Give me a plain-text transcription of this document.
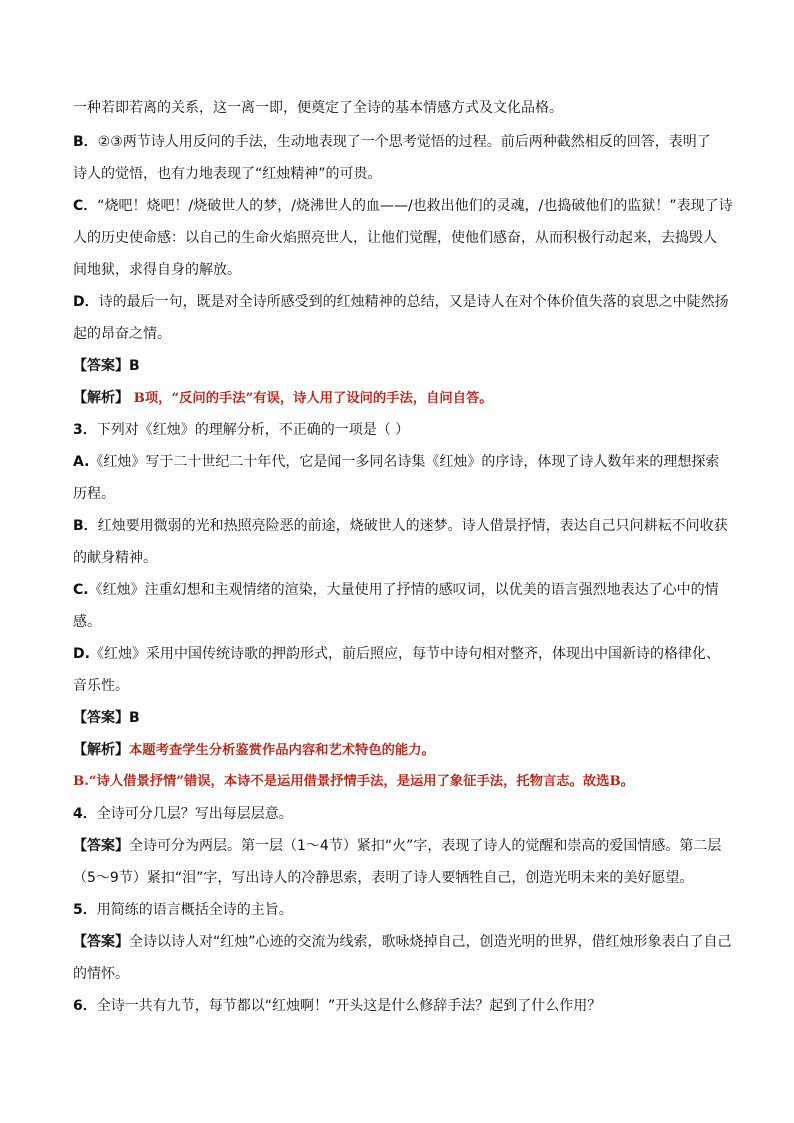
一种若即若离的关系，这一离一即，便奠定了全诗的基本情感方式及文化品格。
B．②③两节诗人用反问的手法，生动地表现了一个思考觉悟的过程。前后两种截然相反的回答，表明了
诗人的觉悟，也有力地表现了“红烛精神”的可贵。
C．“烧吧！烧吧！/烧破世人的梦，/烧沸世人的血——/也救出他们的灵魂，/也捣破他们的监狱！”表现了诗
人的历史使命感：以自己的生命火焰照亮世人，让他们觉醒，使他们感奋，从而积极行动起来，去捣毁人
间地狱，求得自身的解放。
D．诗的最后一句，既是对全诗所感受到的红烛精神的总结，又是诗人在对个体价值失落的哀思之中陡然扬
起的昂奋之情。
【答案】B
【解析】 B项，“反问的手法”有误，诗人用了设问的手法，自问自答。
3．下列对《红烛》的理解分析，不正确的一项是（ ）
A.《红烛》写于二十世纪二十年代，它是闻一多同名诗集《红烛》的序诗，体现了诗人数年来的理想探索
历程。
B．红烛要用微弱的光和热照亮险恶的前途，烧破世人的迷梦。诗人借景抒情，表达自己只问耕耘不问收获
的献身精神。
C.《红烛》注重幻想和主观情绪的渲染，大量使用了抒情的感叹词，以优美的语言强烈地表达了心中的情
感。
D.《红烛》采用中国传统诗歌的押韵形式，前后照应，每节中诗句相对整齐，体现出中国新诗的格律化、
音乐性。
【答案】B
【解析】本题考查学生分析鉴赏作品内容和艺术特色的能力。
B.“诗人借景抒情”错误，本诗不是运用借景抒情手法，是运用了象征手法，托物言志。故选B。
4．全诗可分几层？写出每层层意。
【答案】全诗可分为两层。第一层（1～4节）紧扣“火”字，表现了诗人的觉醒和崇高的爱国情感。第二层
（5～9节）紧扣“泪”字，写出诗人的冷静思索，表明了诗人要牺牲自己，创造光明未来的美好愿望。
5．用简练的语言概括全诗的主旨。
【答案】全诗以诗人对“红烛”心迹的交流为线索，歌咏烧掉自己，创造光明的世界，借红烛形象表白了自己
的情怀。
6．全诗一共有九节，每节都以“红烛啊！”开头这是什么修辞手法？起到了什么作用？
